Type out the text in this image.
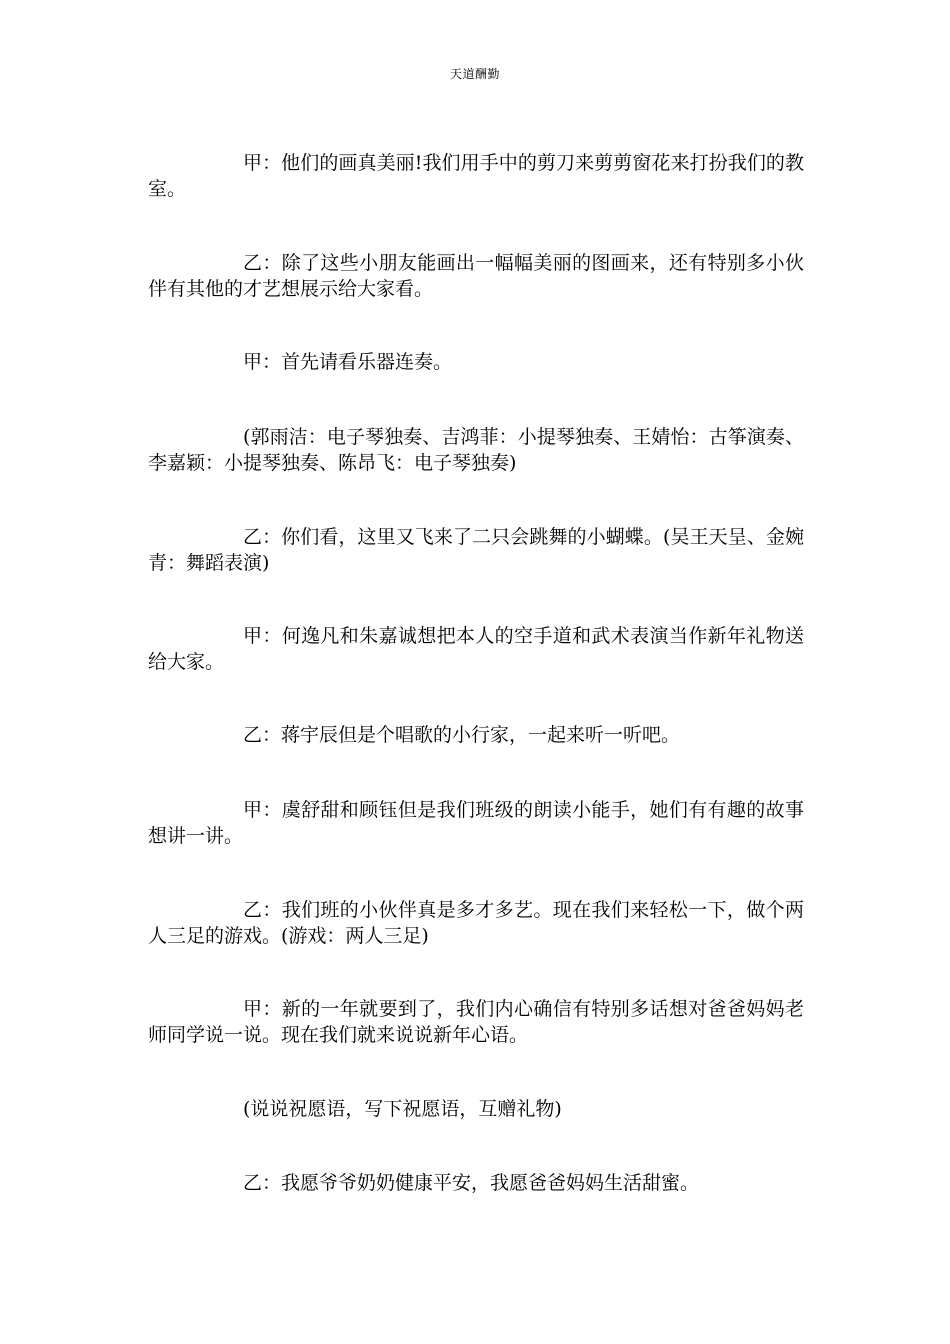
天道酬勤

甲：他们的画真美丽!我们用手中的剪刀来剪剪窗花来打扮我们的教室。

乙：除了这些小朋友能画出一幅幅美丽的图画来，还有特别多小伙伴有其他的才艺想展示给大家看。

甲：首先请看乐器连奏。

(郭雨洁：电子琴独奏、吉鸿菲：小提琴独奏、王婧怡：古筝演奏、李嘉颖：小提琴独奏、陈昂飞：电子琴独奏)

乙：你们看，这里又飞来了二只会跳舞的小蝴蝶。(吴王天呈、金婉青：舞蹈表演)

甲：何逸凡和朱嘉诚想把本人的空手道和武术表演当作新年礼物送给大家。

乙：蒋宇辰但是个唱歌的小行家，一起来听一听吧。

甲：虞舒甜和顾钰但是我们班级的朗读小能手，她们有有趣的故事想讲一讲。

乙：我们班的小伙伴真是多才多艺。现在我们来轻松一下，做个两人三足的游戏。(游戏：两人三足)

甲：新的一年就要到了，我们内心确信有特别多话想对爸爸妈妈老师同学说一说。现在我们就来说说新年心语。

(说说祝愿语，写下祝愿语，互赠礼物)

乙：我愿爷爷奶奶健康平安，我愿爸爸妈妈生活甜蜜。
